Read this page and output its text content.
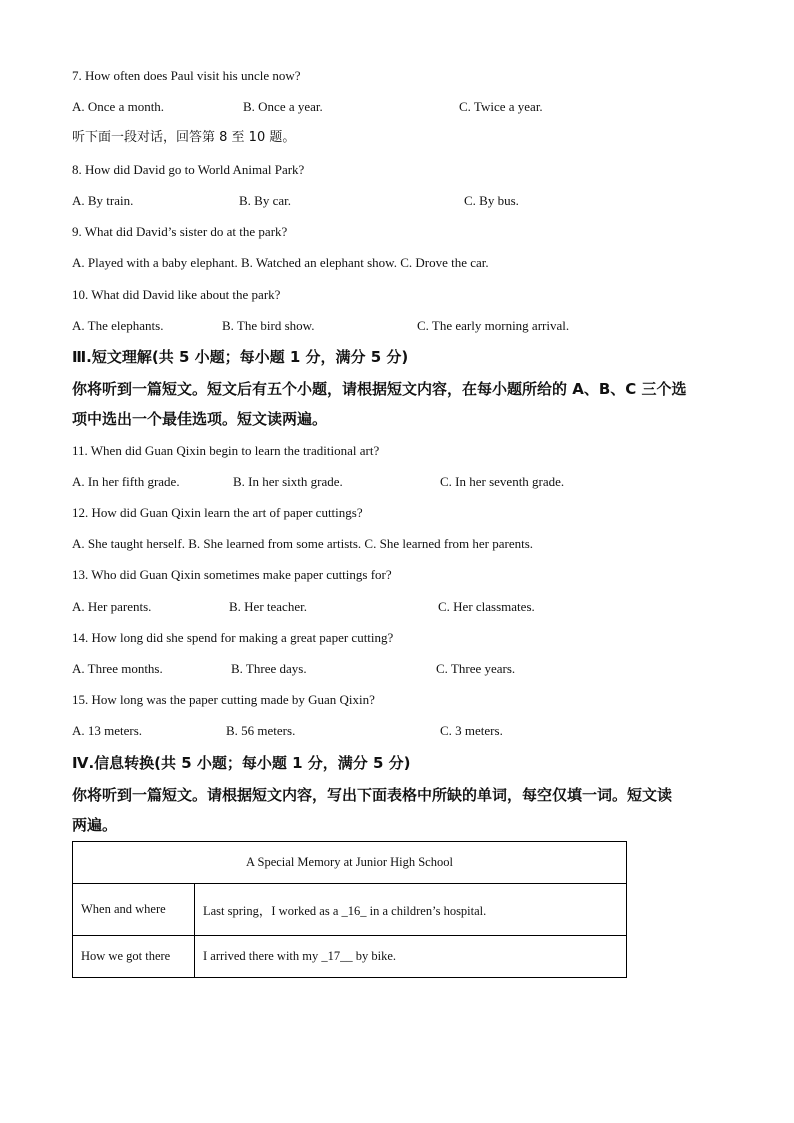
7. How often does Paul visit his uncle now?
A. Once a month.	B. Once a year.	C. Twice a year.
听下面一段对话，回答第 8 至 10 题。
8. How did David go to World Animal Park?
A. By train.	B. By car.	C. By bus.
9. What did David’s sister do at the park?
A. Played with a baby elephant. B. Watched an elephant show. C. Drove the car.
10. What did David like about the park?
A. The elephants.	B. The bird show.	C. The early morning arrival.
Ⅲ.短文理解(共 5 小题；每小题 1 分，满分 5 分)
你将听到一篇短文。短文后有五个小题，请根据短文内容，在每小题所给的 A、B、C 三个选
项中选出一个最佳选项。短文读两遍。
11. When did Guan Qixin begin to learn the traditional art?
A. In her fifth grade.	B. In her sixth grade.	C. In her seventh grade.
12. How did Guan Qixin learn the art of paper cuttings?
A. She taught herself. B. She learned from some artists. C. She learned from her parents.
13. Who did Guan Qixin sometimes make paper cuttings for?
A. Her parents.	B. Her teacher.	C. Her classmates.
14. How long did she spend for making a great paper cutting?
A. Three months.	B. Three days.	C. Three years.
15. How long was the paper cutting made by Guan Qixin?
A. 13 meters.	B. 56 meters.	C. 3 meters.
Ⅳ.信息转换(共 5 小题；每小题 1 分，满分 5 分)
你将听到一篇短文。请根据短文内容，写出下面表格中所缺的单词，每空仅填一词。短文读
两遍。
A Special Memory at Junior High School	
When and where	Last spring，I worked as a _16_ in a children’s hospital.
How we got there	I arrived there with my _17__ by bike.
